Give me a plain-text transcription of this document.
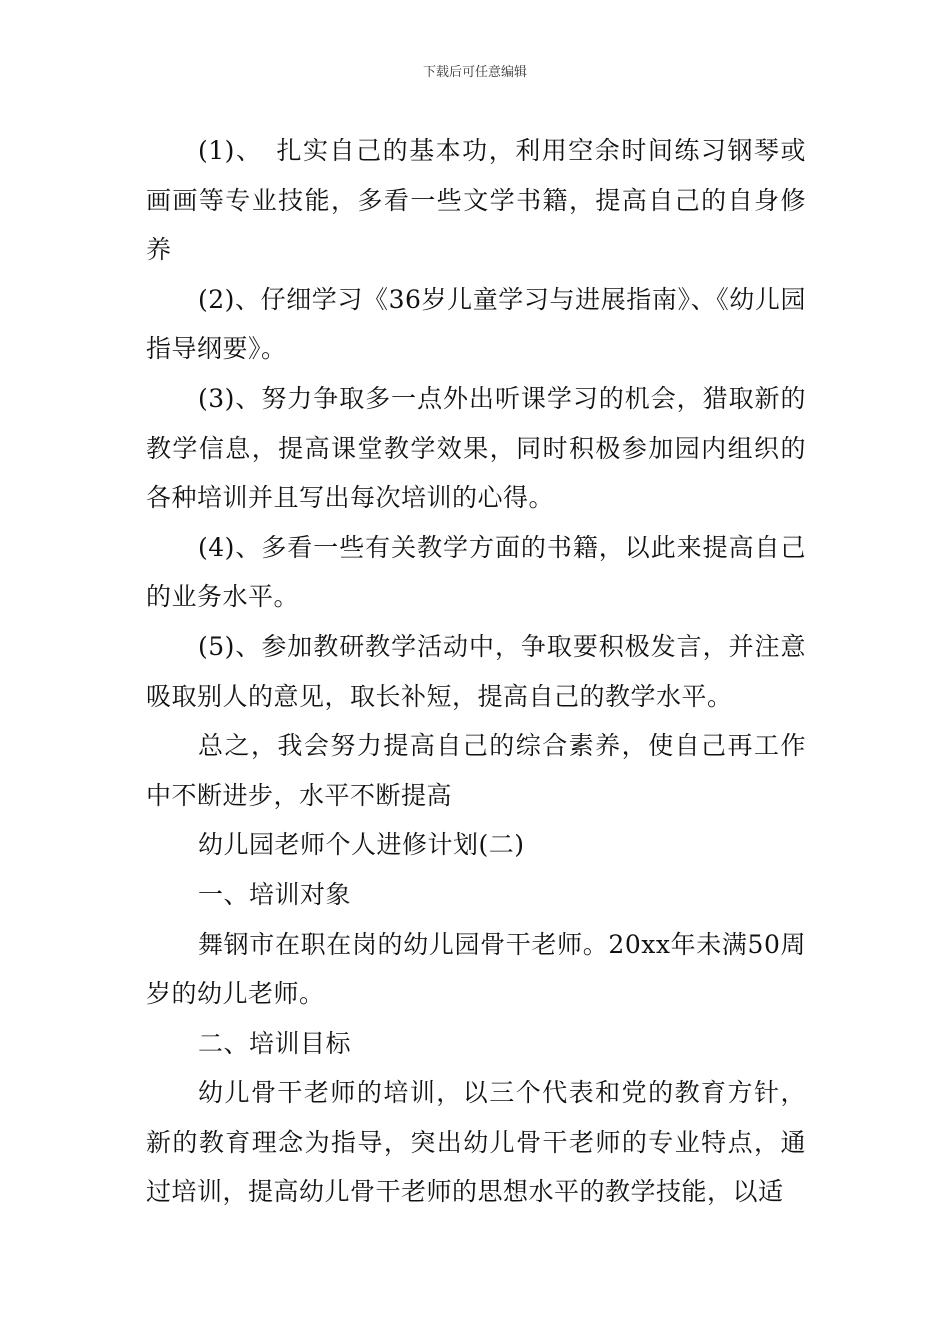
下载后可任意编辑

(1)、　扎实自己的基本功，利用空余时间练习钢琴或画画等专业技能，多看一些文学书籍，提高自己的自身修养

(2)、仔细学习《36岁儿童学习与进展指南》、《幼儿园指导纲要》。

(3)、努力争取多一点外出听课学习的机会，猎取新的教学信息，提高课堂教学效果，同时积极参加园内组织的各种培训并且写出每次培训的心得。

(4)、多看一些有关教学方面的书籍，以此来提高自己的业务水平。

(5)、参加教研教学活动中，争取要积极发言，并注意吸取别人的意见，取长补短，提高自己的教学水平。

总之，我会努力提高自己的综合素养，使自己再工作中不断进步，水平不断提高

幼儿园老师个人进修计划(二)

一、培训对象

舞钢市在职在岗的幼儿园骨干老师。20xx年未满50周岁的幼儿老师。

二、培训目标

幼儿骨干老师的培训，以三个代表和党的教育方针，新的教育理念为指导，突出幼儿骨干老师的专业特点，通过培训，提高幼儿骨干老师的思想水平的教学技能，以适
